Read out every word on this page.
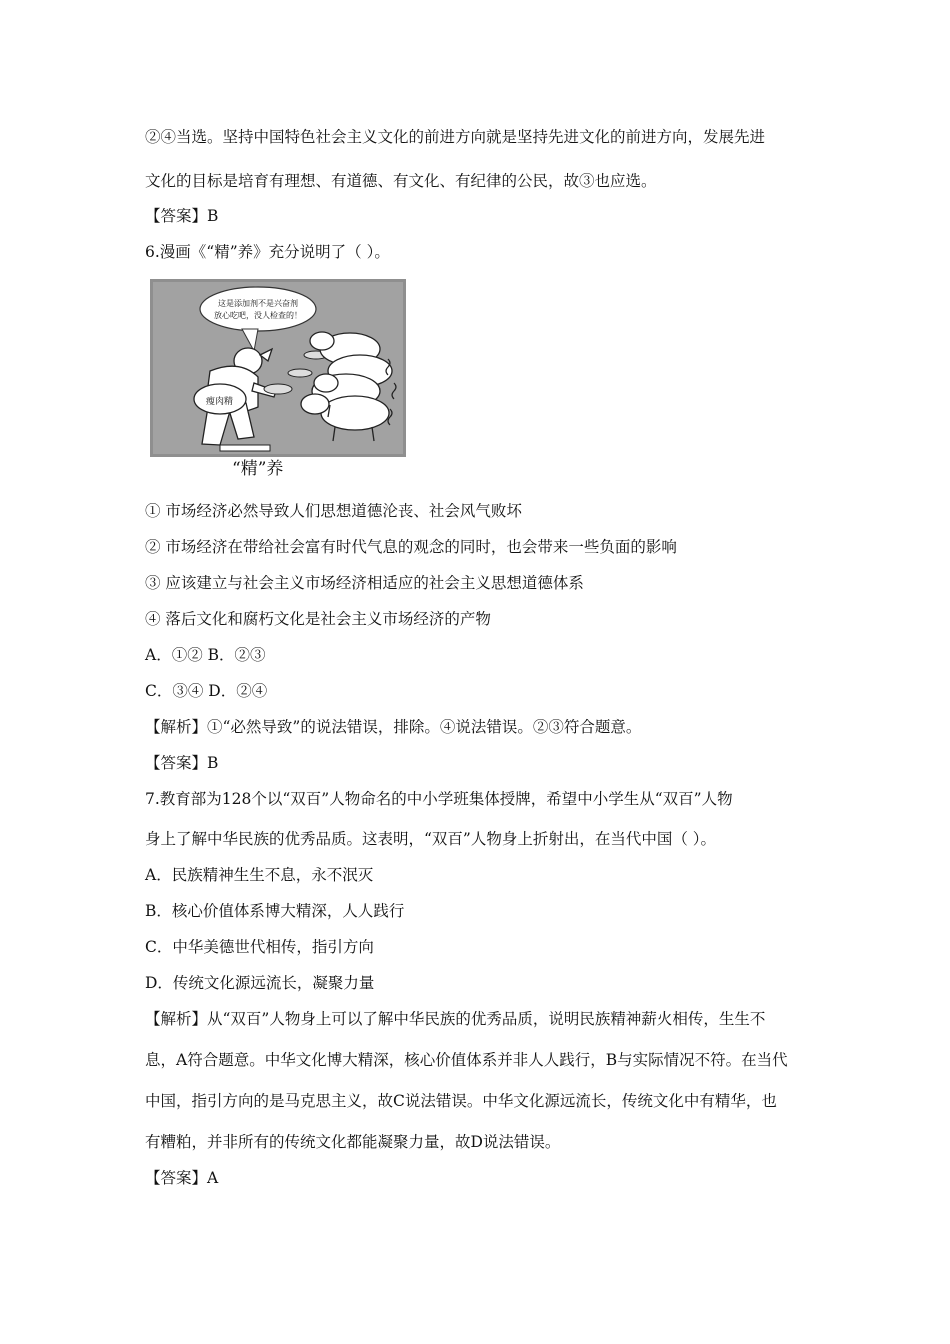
②④当选。坚持中国特色社会主义文化的前进方向就是坚持先进文化的前进方向，发展先进
文化的目标是培育有理想、有道德、有文化、有纪律的公民，故③也应选。
【答案】B
6.漫画《“精”养》充分说明了（ ）。
这是添加剂不是兴奋剂
放心吃吧，没人检查的！
瘦肉精
“精”养
① 市场经济必然导致人们思想道德沦丧、社会风气败坏
② 市场经济在带给社会富有时代气息的观念的同时，也会带来一些负面的影响
③ 应该建立与社会主义市场经济相适应的社会主义思想道德体系
④ 落后文化和腐朽文化是社会主义市场经济的产物
A．①② B．②③
C．③④ D．②④
【解析】①“必然导致”的说法错误，排除。④说法错误。②③符合题意。
【答案】B
7.教育部为128个以“双百”人物命名的中小学班集体授牌，希望中小学生从“双百”人物
身上了解中华民族的优秀品质。这表明，“双百”人物身上折射出，在当代中国（ ）。
A．民族精神生生不息，永不泯灭
B．核心价值体系博大精深，人人践行
C．中华美德世代相传，指引方向
D．传统文化源远流长，凝聚力量
【解析】从“双百”人物身上可以了解中华民族的优秀品质，说明民族精神薪火相传，生生不
息，A符合题意。中华文化博大精深，核心价值体系并非人人践行，B与实际情况不符。在当代
中国，指引方向的是马克思主义，故C说法错误。中华文化源远流长，传统文化中有精华，也
有糟粕，并非所有的传统文化都能凝聚力量，故D说法错误。
【答案】A
